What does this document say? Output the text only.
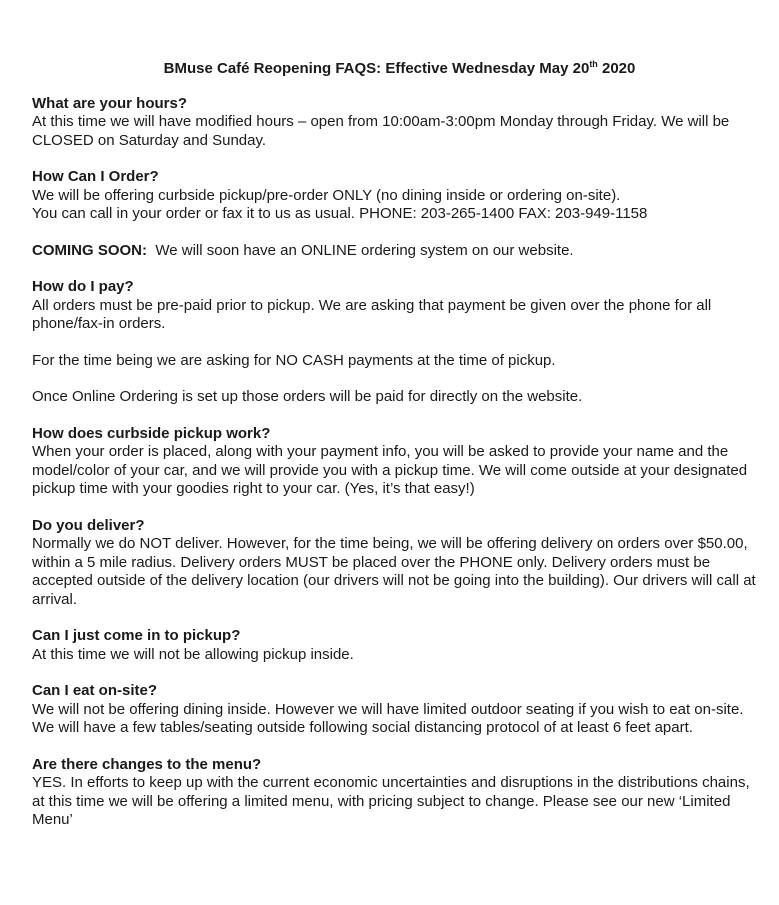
BMuse Café Reopening FAQS: Effective Wednesday May 20th 2020

What are your hours?

At this time we will have modified hours – open from 10:00am-3:00pm Monday through Friday. We will be CLOSED on Saturday and Sunday.

How Can I Order?

We will be offering curbside pickup/pre-order ONLY (no dining inside or ordering on-site).

You can call in your order or fax it to us as usual. PHONE: 203-265-1400 FAX: 203-949-1158

COMING SOON:  We will soon have an ONLINE ordering system on our website.

How do I pay?

All orders must be pre-paid prior to pickup. We are asking that payment be given over the phone for all phone/fax-in orders.

For the time being we are asking for NO CASH payments at the time of pickup.

Once Online Ordering is set up those orders will be paid for directly on the website.

How does curbside pickup work?

When your order is placed, along with your payment info, you will be asked to provide your name and the model/color of your car, and we will provide you with a pickup time. We will come outside at your designated pickup time with your goodies right to your car. (Yes, it’s that easy!)

Do you deliver?

Normally we do NOT deliver. However, for the time being, we will be offering delivery on orders over $50.00, within a 5 mile radius. Delivery orders MUST be placed over the PHONE only. Delivery orders must be accepted outside of the delivery location (our drivers will not be going into the building). Our drivers will call at arrival.

Can I just come in to pickup?

At this time we will not be allowing pickup inside.

Can I eat on-site?

We will not be offering dining inside. However we will have limited outdoor seating if you wish to eat on-site. We will have a few tables/seating outside following social distancing protocol of at least 6 feet apart.

Are there changes to the menu?

YES. In efforts to keep up with the current economic uncertainties and disruptions in the distributions chains, at this time we will be offering a limited menu, with pricing subject to change. Please see our new ‘Limited Menu’
